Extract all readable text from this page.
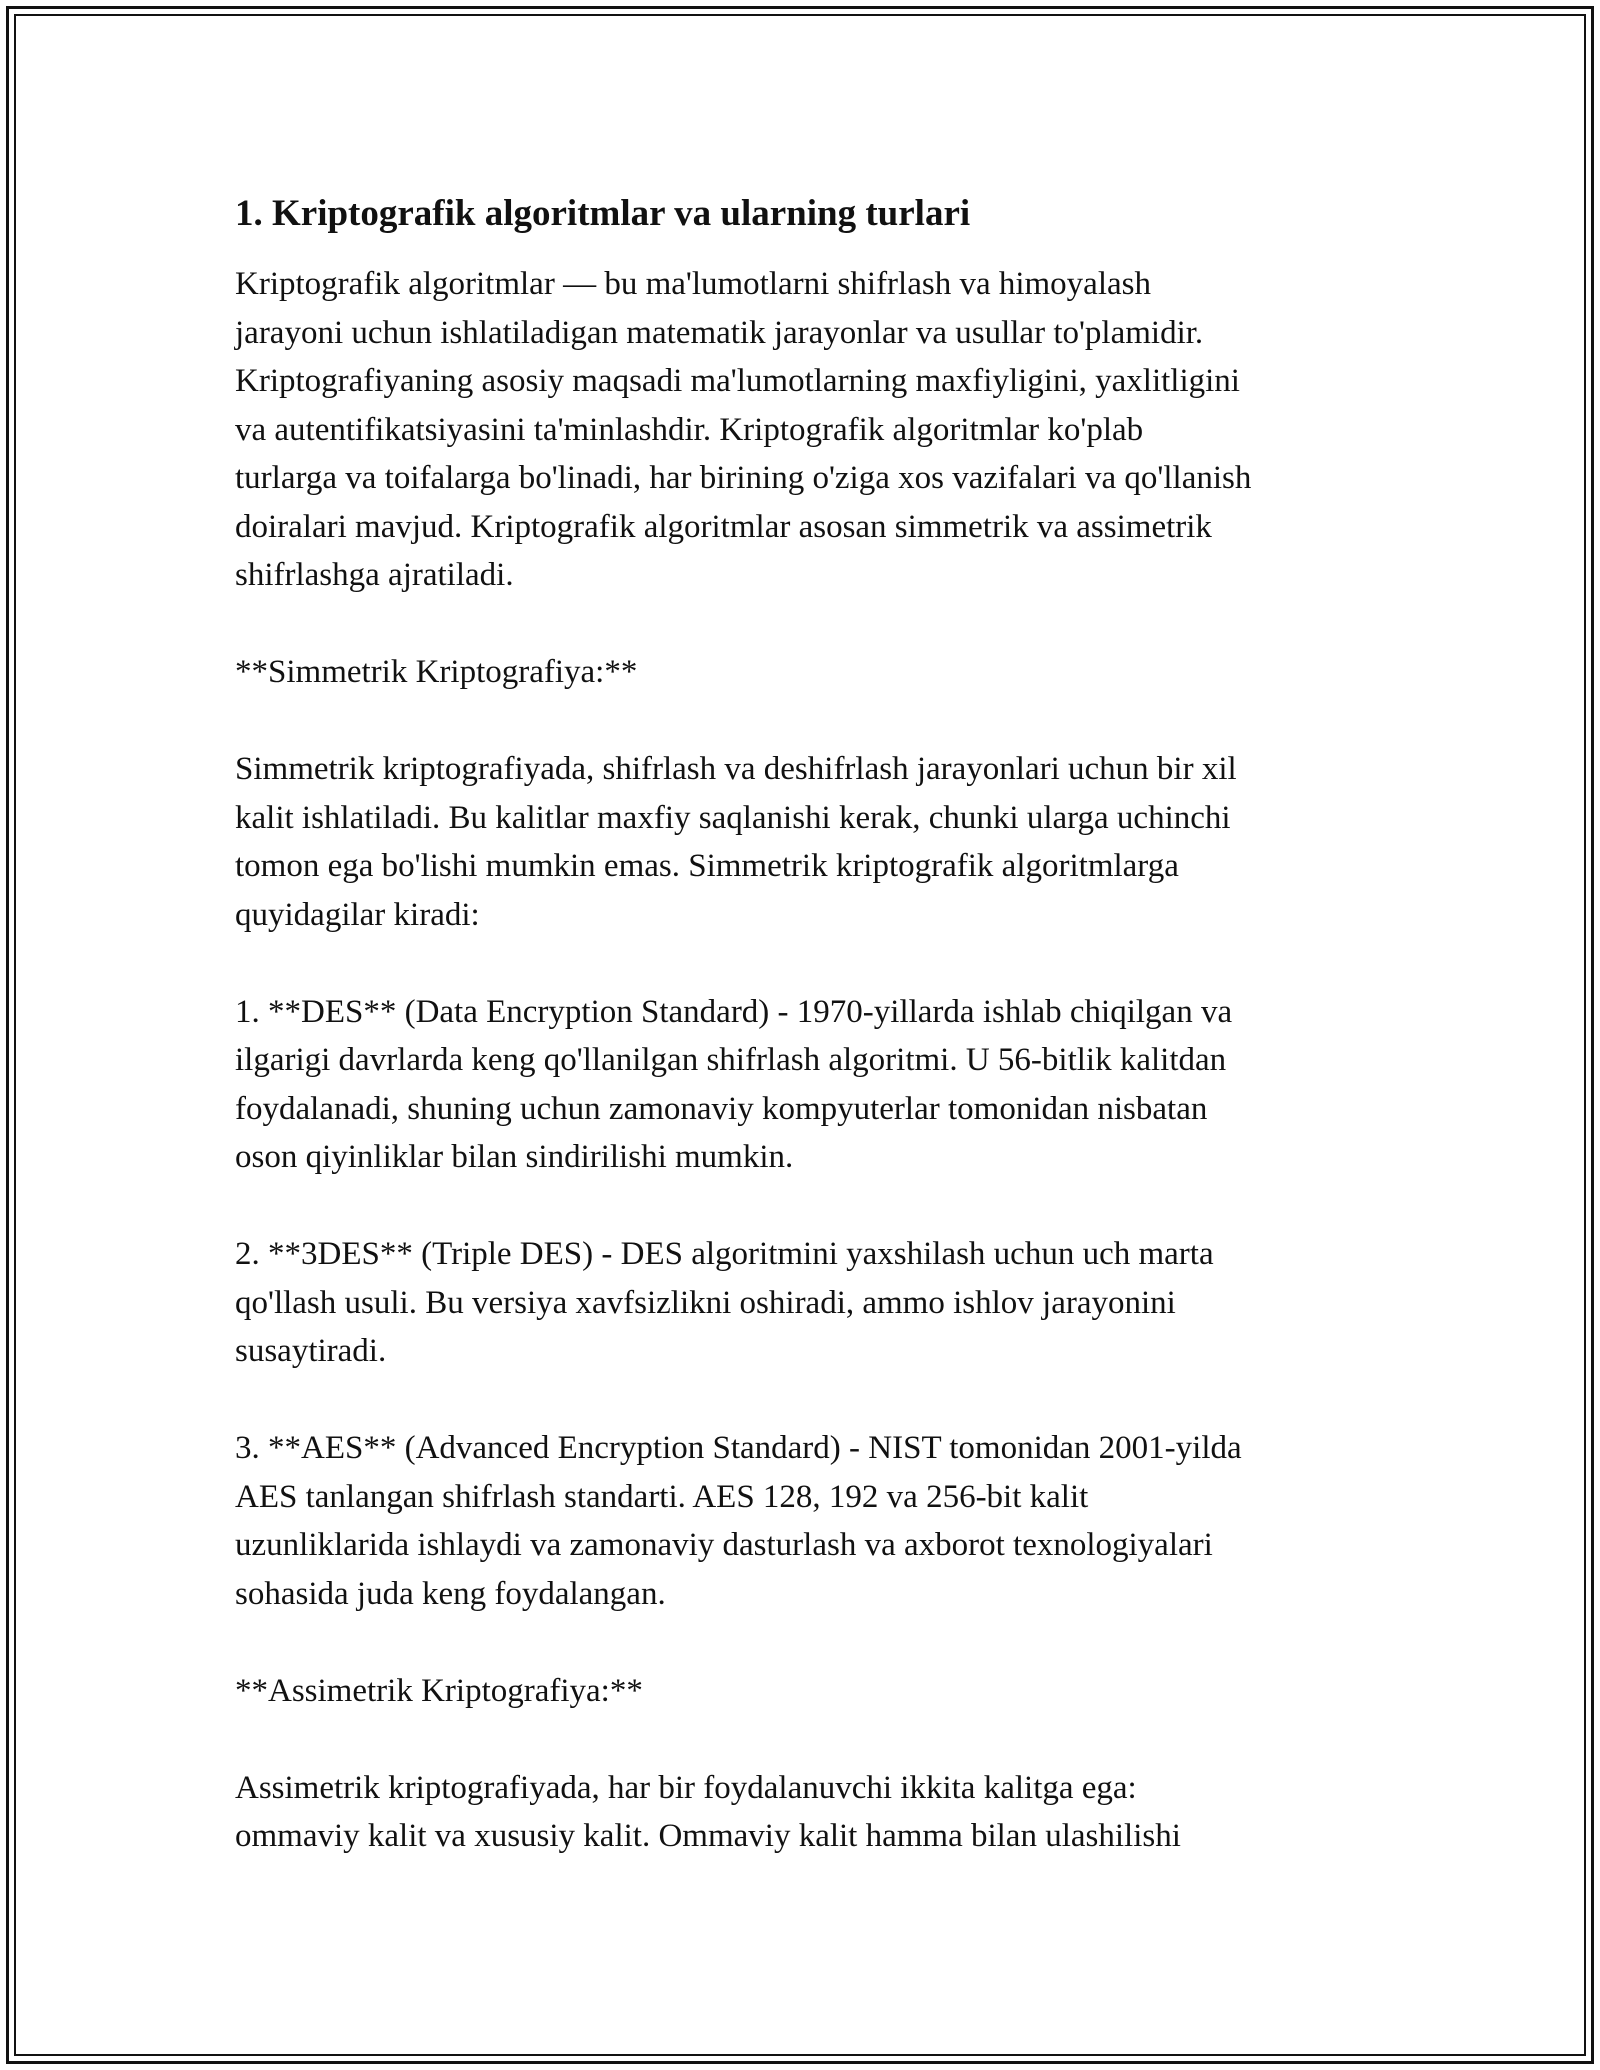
1. Kriptografik algoritmlar va ularning turlari

Kriptografik algoritmlar — bu ma'lumotlarni shifrlash va himoyalash
jarayoni uchun ishlatiladigan matematik jarayonlar va usullar to'plamidir.
Kriptografiyaning asosiy maqsadi ma'lumotlarning maxfiyligini, yaxlitligini
va autentifikatsiyasini ta'minlashdir. Kriptografik algoritmlar ko'plab
turlarga va toifalarga bo'linadi, har birining o'ziga xos vazifalari va qo'llanish
doiralari mavjud. Kriptografik algoritmlar asosan simmetrik va assimetrik
shifrlashga ajratiladi.

**Simmetrik Kriptografiya:**

Simmetrik kriptografiyada, shifrlash va deshifrlash jarayonlari uchun bir xil
kalit ishlatiladi. Bu kalitlar maxfiy saqlanishi kerak, chunki ularga uchinchi
tomon ega bo'lishi mumkin emas. Simmetrik kriptografik algoritmlarga
quyidagilar kiradi:

1. **DES** (Data Encryption Standard) - 1970-yillarda ishlab chiqilgan va
ilgarigi davrlarda keng qo'llanilgan shifrlash algoritmi. U 56-bitlik kalitdan
foydalanadi, shuning uchun zamonaviy kompyuterlar tomonidan nisbatan
oson qiyinliklar bilan sindirilishi mumkin.

2. **3DES** (Triple DES) - DES algoritmini yaxshilash uchun uch marta
qo'llash usuli. Bu versiya xavfsizlikni oshiradi, ammo ishlov jarayonini
susaytiradi.

3. **AES** (Advanced Encryption Standard) - NIST tomonidan 2001-yilda
AES tanlangan shifrlash standarti. AES 128, 192 va 256-bit kalit
uzunliklarida ishlaydi va zamonaviy dasturlash va axborot texnologiyalari
sohasida juda keng foydalangan.

**Assimetrik Kriptografiya:**

Assimetrik kriptografiyada, har bir foydalanuvchi ikkita kalitga ega:
ommaviy kalit va xususiy kalit. Ommaviy kalit hamma bilan ulashilishi
